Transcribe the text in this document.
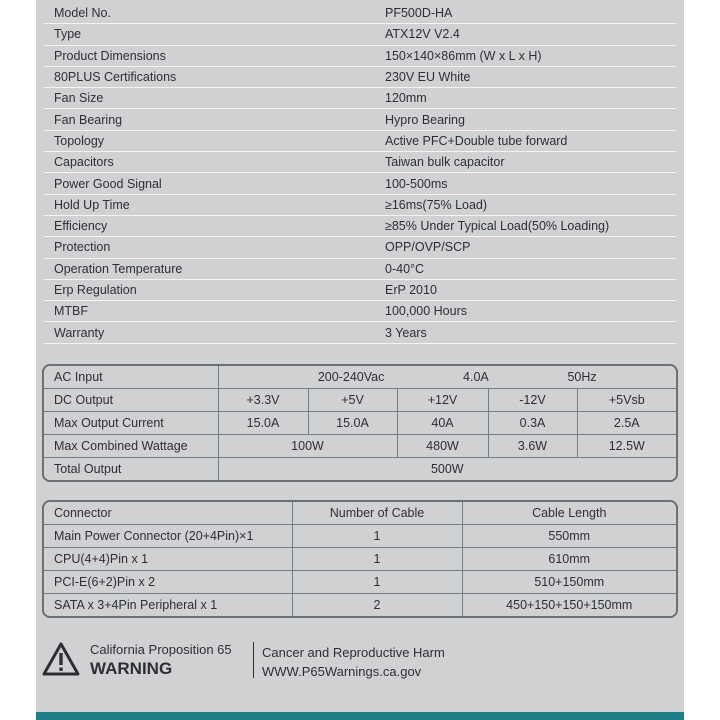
Model No.	PF500D-HA
Type	ATX12V V2.4
Product Dimensions	150×140×86mm (W x L x H)
80PLUS Certifications	230V EU White
Fan Size	120mm
Fan Bearing	Hypro Bearing
Topology	Active PFC+Double tube forward
Capacitors	Taiwan bulk capacitor
Power Good Signal	100-500ms
Hold Up Time	≥16ms(75% Load)
Efficiency	≥85% Under Typical Load(50% Loading)
Protection	OPP/OVP/SCP
Operation Temperature	0-40°C
Erp Regulation	ErP 2010
MTBF	100,000 Hours
Warranty	3 Years
AC Input	200-240Vac 4.0A 50Hz				

DC Output	+3.3V	+5V	+12V	-12V	+5Vsb
Max Output Current	15.0A	15.0A	40A	0.3A	2.5A
Max Combined Wattage	100W		480W	3.6W	12.5W
Total Output	500W				
Connector	Number of Cable	Cable Length
Main Power Connector (20+4Pin)×1	1	550mm
CPU(4+4)Pin x 1	1	610mm
PCI-E(6+2)Pin x 2	1	510+150mm
SATA x 3+4Pin Peripheral x 1	2	450+150+150+150mm
California Proposition 65
WARNING
Cancer and Reproductive Harm
WWW.P65Warnings.ca.gov
